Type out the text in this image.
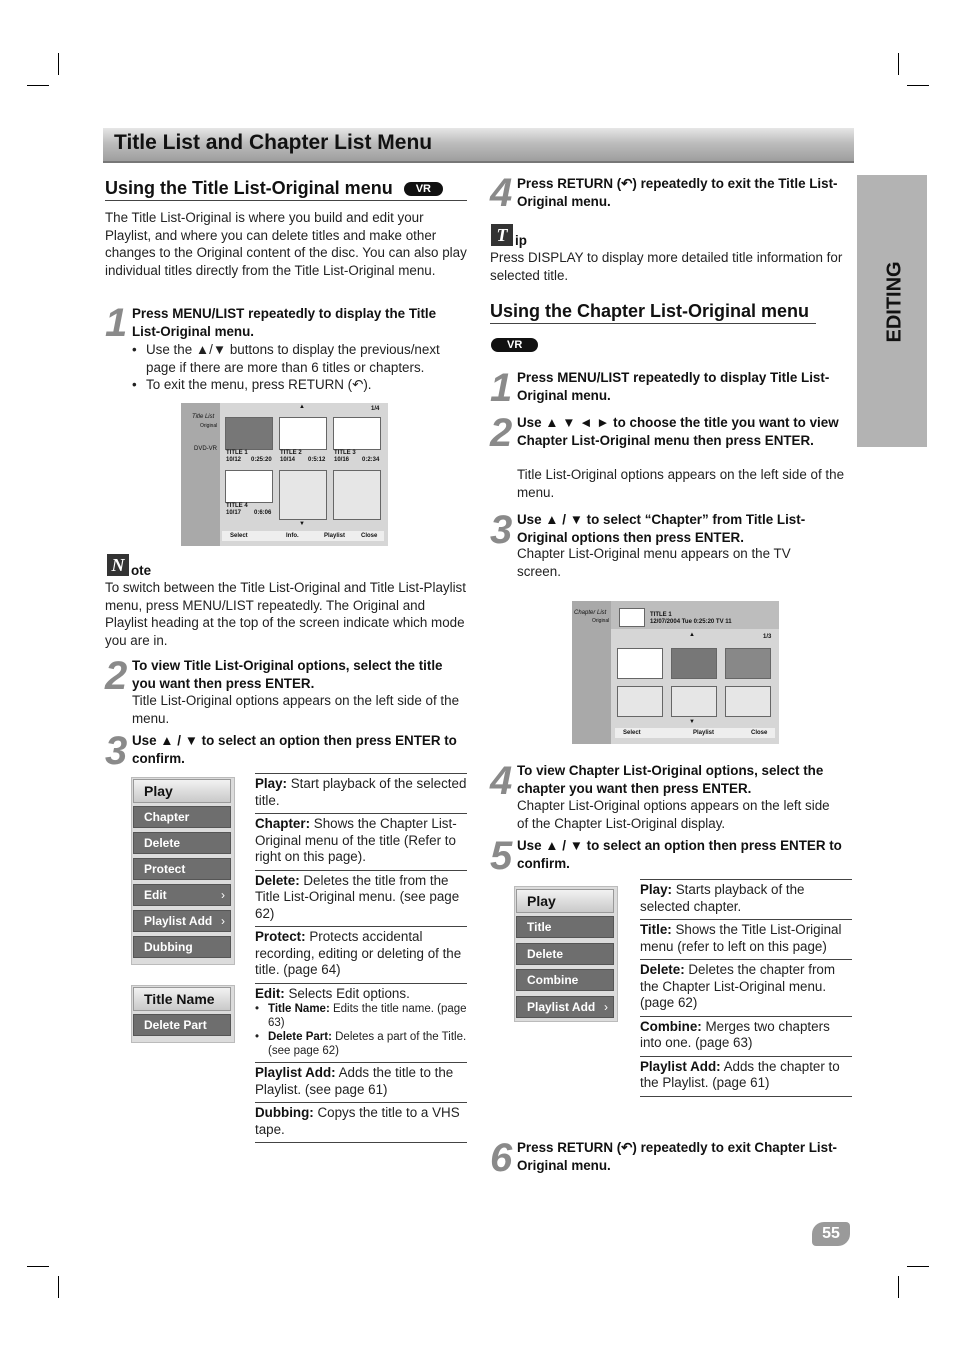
Title List and Chapter List Menu
EDITING
Using the Title List-Original menu VR
The Title List-Original is where you build and edit your Playlist, and where you can delete titles and make other changes to the Original content of the disc. You can also play individual titles directly from the Title List-Original menu.
1 Press MENU/LIST repeatedly to display the Title List-Original menu.
• Use the ▲/▼ buttons to display the previous/next page if there are more than 6 titles or chapters.
• To exit the menu, press RETURN (↶).
Title List
Original
DVD-VR
▲	1/4
TITLE 1
10/12 0:25:20
TITLE 2
10/14 0:5:12
TITLE 3
10/16 0:2:34
TITLE 4
10/17 0:6:06
▼
Select	Info.	Playlist	Close
N ote
To switch between the Title List-Original and Title List-Playlist menu, press MENU/LIST repeatedly. The Original and Playlist heading at the top of the screen indicate which mode you are in.
2 To view Title List-Original options, select the title you want then press ENTER.
Title List-Original options appears on the left side of the menu.
3 Use ▲ / ▼ to select an option then press ENTER to confirm.
Play
Chapter
Delete
Protect
Edit	›
Playlist Add ›
Dubbing
Title Name
Delete Part
Play: Start playback of the selected title.
Chapter: Shows the Chapter List-Original menu of the title (Refer to right on this page).
Delete: Deletes the title from the Title List-Original menu. (see page 62)
Protect: Protects accidental recording, editing or deleting of the title. (page 64)
Edit: Selects Edit options.
• Title Name: Edits the title name. (page 63)
• Delete Part: Deletes a part of the Title. (see page 62)
Playlist Add: Adds the title to the Playlist. (see page 61)
Dubbing: Copys the title to a VHS tape.
4 Press RETURN (↶) repeatedly to exit the Title List-Original menu.
T ip
Press DISPLAY to display more detailed title information for selected title.
Using the Chapter List-Original menu
VR
1 Press MENU/LIST repeatedly to display Title List-Original menu.
2 Use ▲ ▼ ◄ ► to choose the title you want to view Chapter List-Original menu then press ENTER.
Title List-Original options appears on the left side of the menu.
3 Use ▲ / ▼ to select “Chapter” from Title List-Original options then press ENTER.
Chapter List-Original menu appears on the TV screen.
Chapter List
Original
TITLE 1
12/07/2004 Tue 0:25:20 TV 11
▲	1/3
▼
Select	Playlist	Close
4 To view Chapter List-Original options, select the chapter you want then press ENTER.
Chapter List-Original options appears on the left side of the Chapter List-Original display.
5 Use ▲ / ▼ to select an option then press ENTER to confirm.
Play
Title
Delete
Combine
Playlist Add ›
Play: Starts playback of the selected chapter.
Title: Shows the Title List-Original menu (refer to left on this page)
Delete: Deletes the chapter from the Chapter List-Original menu. (page 62)
Combine: Merges two chapters into one. (page 63)
Playlist Add: Adds the chapter to the Playlist. (page 61)
6 Press RETURN (↶) repeatedly to exit Chapter List-Original menu.
55
